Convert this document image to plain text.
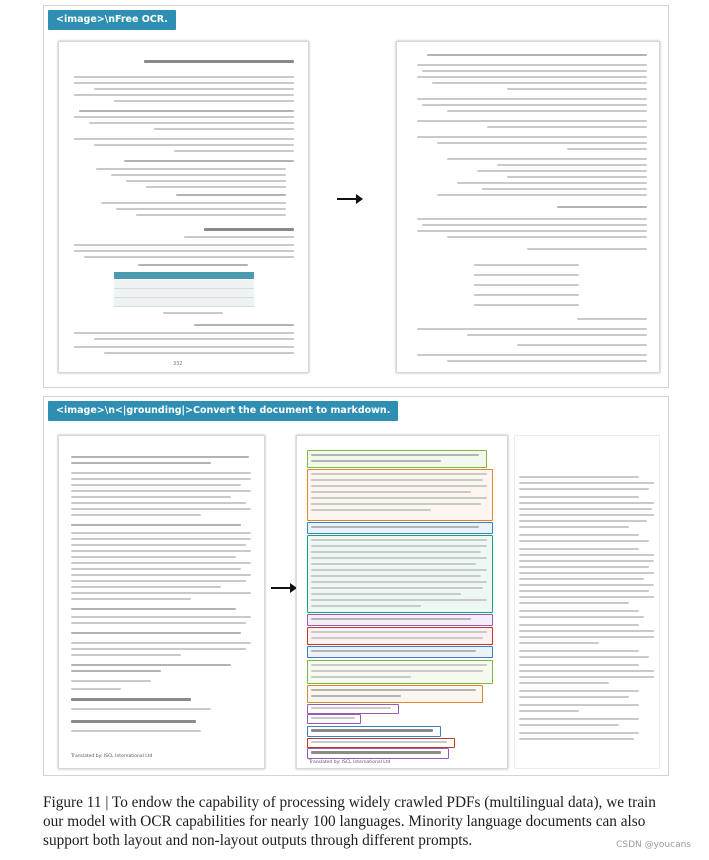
<image>\nFree OCR.
332
<image>\n<|grounding|>Convert the document to markdown.
Translated by: ISCL International Ltd
Translated by: ISCL International Ltd

Figure 11 | To endow the capability of processing widely crawled PDFs (multilingual data), we train our model with OCR capabilities for nearly 100 languages. Minority language documents can also support both layout and non-layout outputs through different prompts.	CSDN @youcans
